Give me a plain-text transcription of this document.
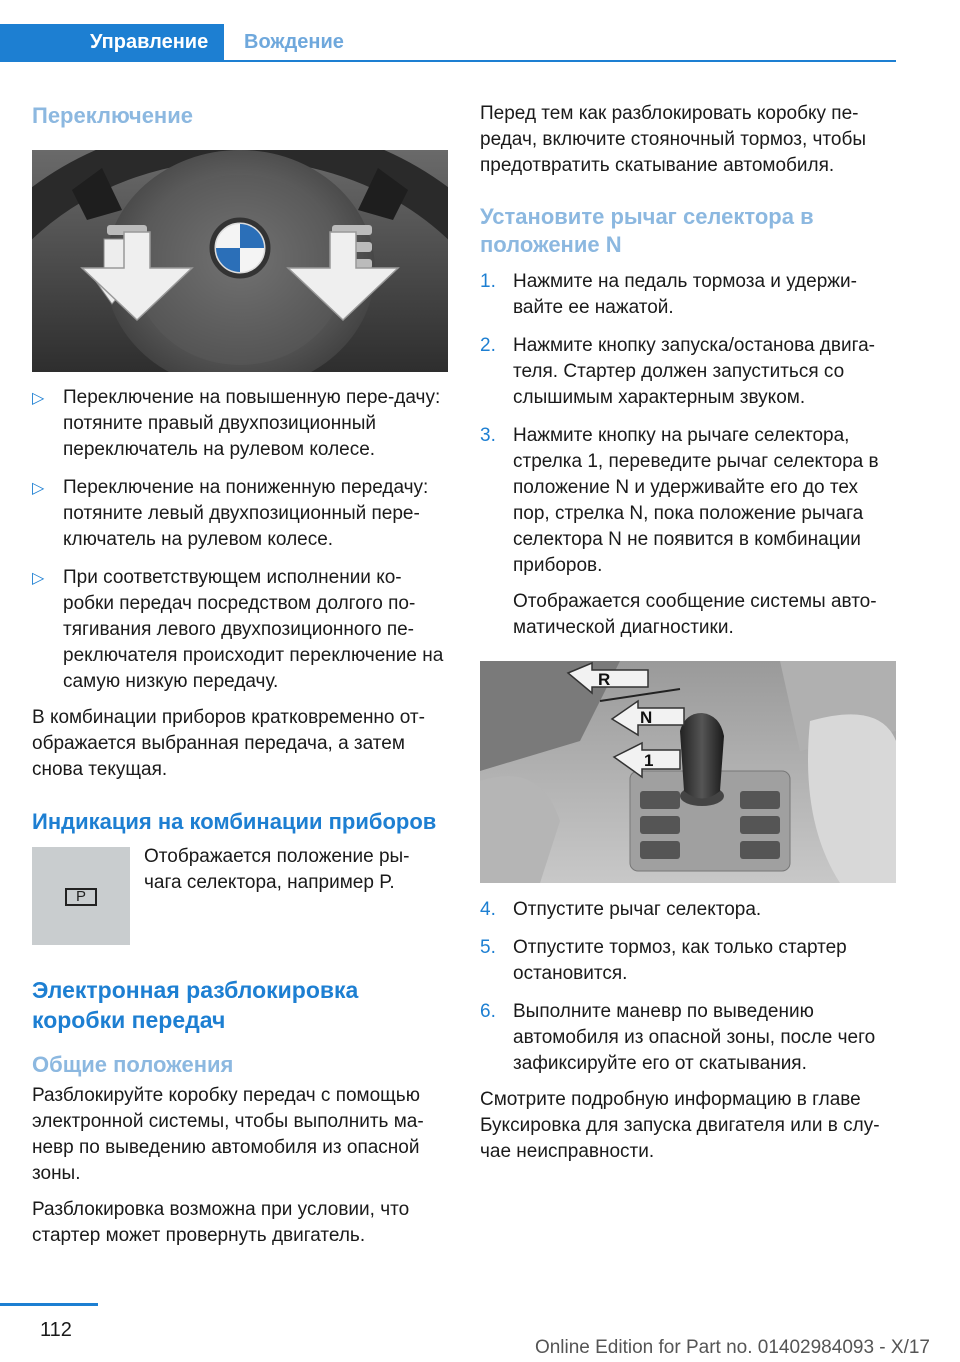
Управление	Вождение
Переключение
▷ Переключение на повышенную пере-дачу: потяните правый двухпозиционный переключатель на рулевом колесе.
▷ Переключение на пониженную передачу: потяните левый двухпозиционный пере-ключатель на рулевом колесе.
▷ При соответствующем исполнении ко-робки передач посредством долгого по-тягивания левого двухпозиционного пе-реключателя происходит переключение на самую низкую передачу.

В комбинации приборов кратковременно от-ображается выбранная передача, а затем снова текущая.

Индикация на комбинации приборов
P

Отображается положение ры-чага селектора, например P.

Электронная разблокировка коробки передач
Общие положения

Разблокируйте коробку передач с помощью электронной системы, чтобы выполнить ма-невр по выведению автомобиля из опасной зоны.

Разблокировка возможна при условии, что стартер может провернуть двигатель.

Перед тем как разблокировать коробку пе-редач, включите стояночный тормоз, чтобы предотвратить скатывание автомобиля.

Установите рычаг селектора в положение N
1. Нажмите на педаль тормоза и удержи-вайте ее нажатой.
2. Нажмите кнопку запуска/останова двига-теля. Стартер должен запуститься со слышимым характерным звуком.
3. Нажмите кнопку на рычаге селектора, стрелка 1, переведите рычаг селектора в положение N и удерживайте его до тех пор, стрелка N, пока положение рычага селектора N не появится в комбинации приборов.
Отображается сообщение системы авто-матической диагностики.
R
N
1
4. Отпустите рычаг селектора.
5. Отпустите тормоз, как только стартер остановится.
6. Выполните маневр по выведению автомобиля из опасной зоны, после чего зафиксируйте его от скатывания.

Смотрите подробную информацию в главе Буксировка для запуска двигателя или в слу-чае неисправности.

112
Online Edition for Part no. 01402984093 - X/17
